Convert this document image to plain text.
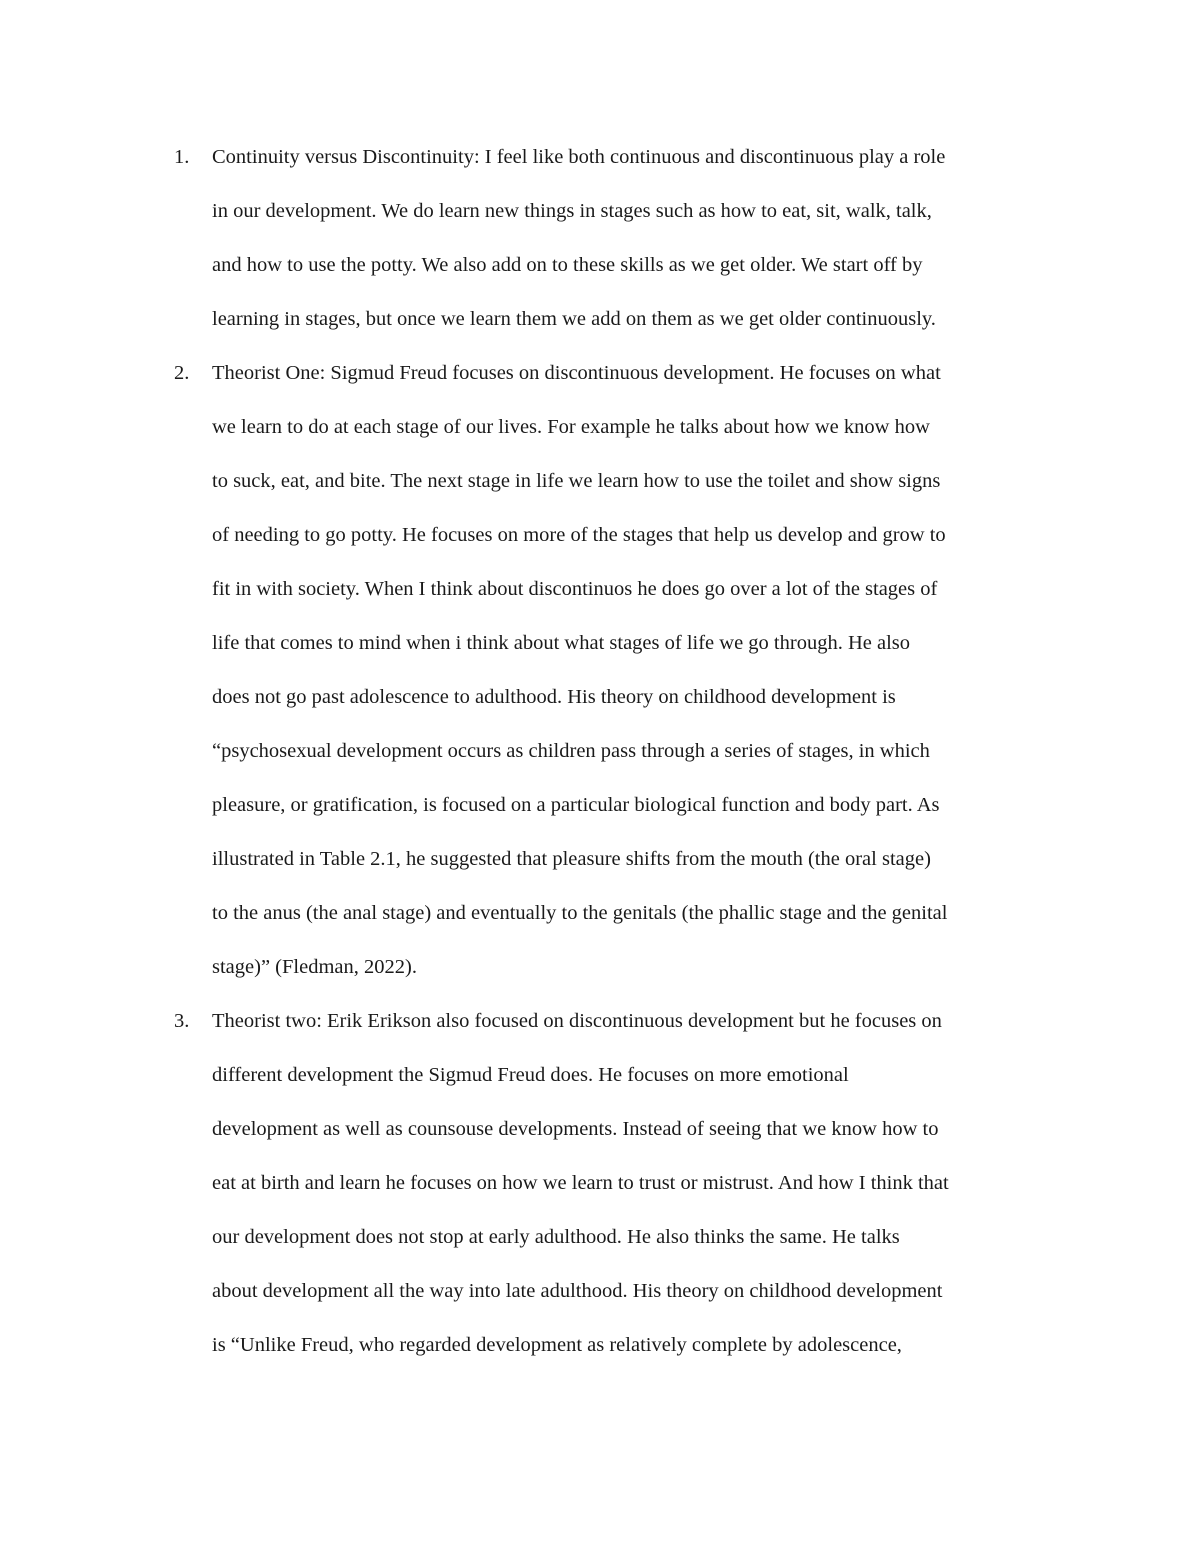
1. Continuity versus Discontinuity: I feel like both continuous and discontinuous play a role
in our development. We do learn new things in stages such as how to eat, sit, walk, talk,
and how to use the potty. We also add on to these skills as we get older. We start off by
learning in stages, but once we learn them we add on them as we get older continuously.
2. Theorist One: Sigmud Freud focuses on discontinuous development. He focuses on what
we learn to do at each stage of our lives. For example he talks about how we know how
to suck, eat, and bite. The next stage in life we learn how to use the toilet and show signs
of needing to go potty. He focuses on more of the stages that help us develop and grow to
fit in with society. When I think about discontinuos he does go over a lot of the stages of
life that comes to mind when i think about what stages of life we go through. He also
does not go past adolescence to adulthood. His theory on childhood development is
“psychosexual development occurs as children pass through a series of stages, in which
pleasure, or gratification, is focused on a particular biological function and body part. As
illustrated in Table 2.1, he suggested that pleasure shifts from the mouth (the oral stage)
to the anus (the anal stage) and eventually to the genitals (the phallic stage and the genital
stage)” (Fledman, 2022).
3. Theorist two: Erik Erikson also focused on discontinuous development but he focuses on
different development the Sigmud Freud does. He focuses on more emotional
development as well as counsouse developments. Instead of seeing that we know how to
eat at birth and learn he focuses on how we learn to trust or mistrust. And how I think that
our development does not stop at early adulthood. He also thinks the same. He talks
about development all the way into late adulthood. His theory on childhood development
is “Unlike Freud, who regarded development as relatively complete by adolescence,
